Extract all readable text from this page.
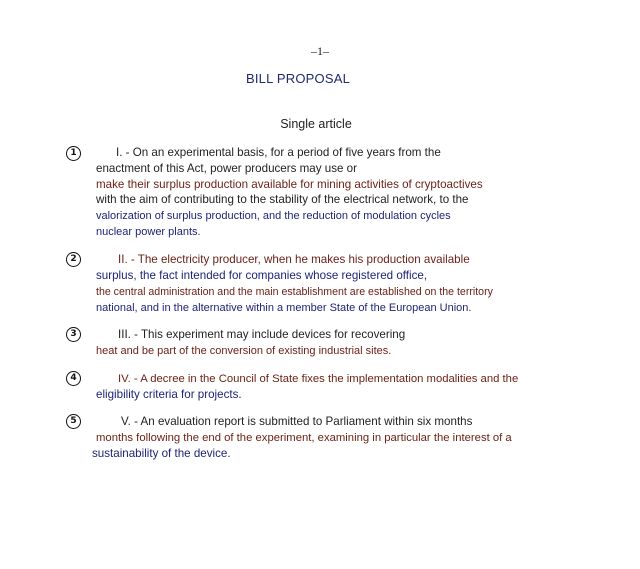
–1–
BILL PROPOSAL
Single article
1	I. - On an experimental basis, for a period of five years from the
enactment of this Act, power producers may use or
make their surplus production available for mining activities of cryptoactives
with the aim of contributing to the stability of the electrical network, to the
valorization of surplus production, and the reduction of modulation cycles
nuclear power plants.
2	II. - The electricity producer, when he makes his production available
surplus, the fact intended for companies whose registered office,
the central administration and the main establishment are established on the territory
national, and in the alternative within a member State of the European Union.
3	III. - This experiment may include devices for recovering
heat and be part of the conversion of existing industrial sites.
4	IV. - A decree in the Council of State fixes the implementation modalities and the
eligibility criteria for projects.
5	V. - An evaluation report is submitted to Parliament within six months
months following the end of the experiment, examining in particular the interest of a
sustainability of the device.
